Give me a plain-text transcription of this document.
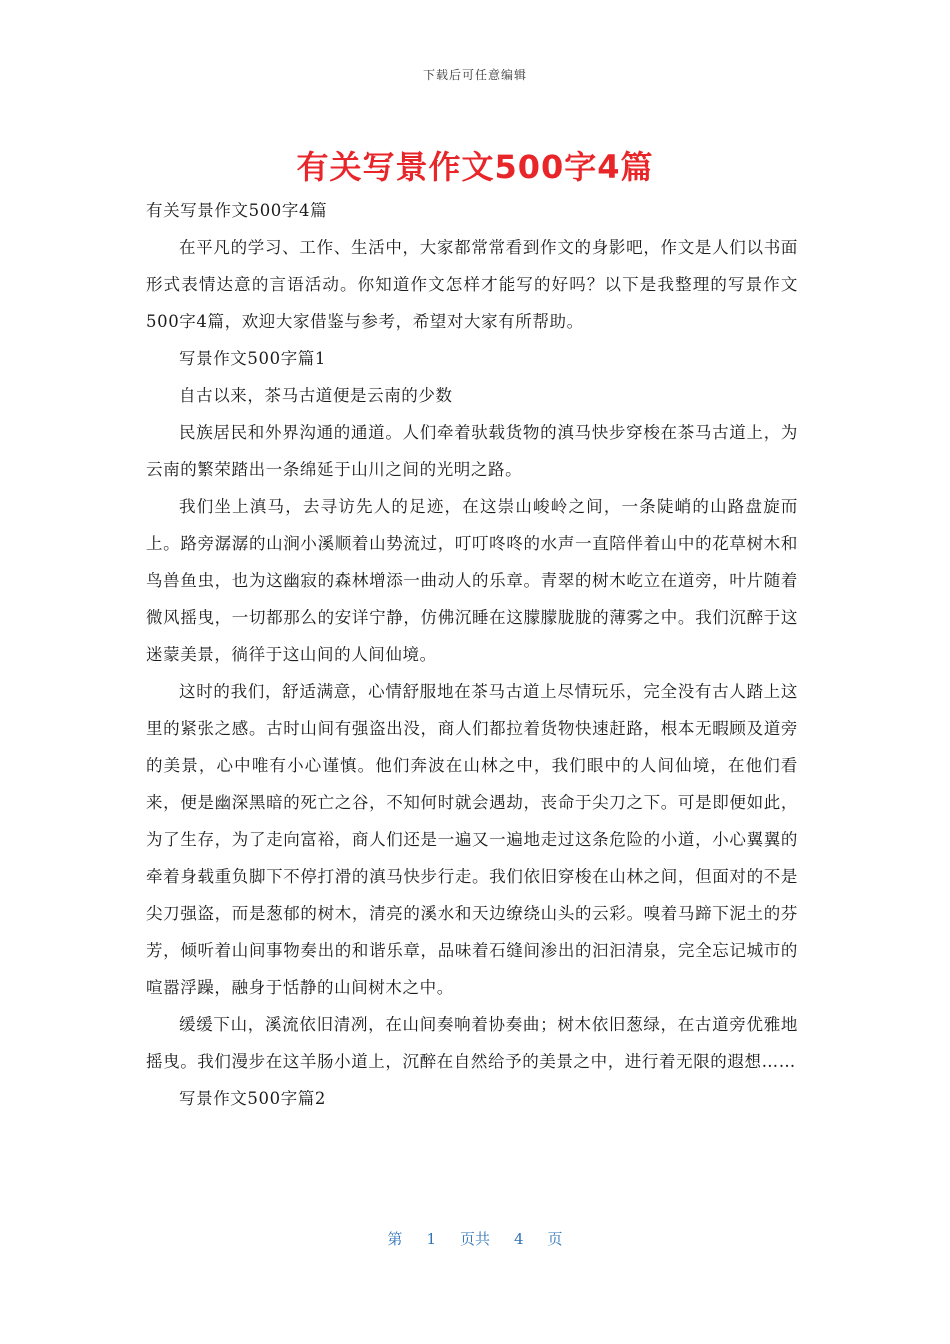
下载后可任意编辑
有关写景作文500字4篇

有关写景作文500字4篇

在平凡的学习、工作、生活中，大家都常常看到作文的身影吧，作文是人们以书面形式表情达意的言语活动。你知道作文怎样才能写的好吗？以下是我整理的写景作文500字4篇，欢迎大家借鉴与参考，希望对大家有所帮助。

写景作文500字篇1

自古以来，茶马古道便是云南的少数

民族居民和外界沟通的通道。人们牵着驮载货物的滇马快步穿梭在茶马古道上，为云南的繁荣踏出一条绵延于山川之间的光明之路。

我们坐上滇马，去寻访先人的足迹，在这崇山峻岭之间，一条陡峭的山路盘旋而上。路旁潺潺的山涧小溪顺着山势流过，叮叮咚咚的水声一直陪伴着山中的花草树木和鸟兽鱼虫，也为这幽寂的森林增添一曲动人的乐章。青翠的树木屹立在道旁，叶片随着微风摇曳，一切都那么的安详宁静，仿佛沉睡在这朦朦胧胧的薄雾之中。我们沉醉于这迷蒙美景，徜徉于这山间的人间仙境。

这时的我们，舒适满意，心情舒服地在茶马古道上尽情玩乐，完全没有古人踏上这里的紧张之感。古时山间有强盗出没，商人们都拉着货物快速赶路，根本无暇顾及道旁的美景，心中唯有小心谨慎。他们奔波在山林之中，我们眼中的人间仙境，在他们看来，便是幽深黑暗的死亡之谷，不知何时就会遇劫，丧命于尖刀之下。可是即便如此，为了生存，为了走向富裕，商人们还是一遍又一遍地走过这条危险的小道，小心翼翼的牵着身载重负脚下不停打滑的滇马快步行走。我们依旧穿梭在山林之间，但面对的不是尖刀强盗，而是葱郁的树木，清亮的溪水和天边缭绕山头的云彩。嗅着马蹄下泥土的芬芳，倾听着山间事物奏出的和谐乐章，品味着石缝间渗出的汩汩清泉，完全忘记城市的喧嚣浮躁，融身于恬静的山间树木之中。

缓缓下山，溪流依旧清冽，在山间奏响着协奏曲；树木依旧葱绿，在古道旁优雅地摇曳。我们漫步在这羊肠小道上，沉醉在自然给予的美景之中，进行着无限的遐想……

写景作文500字篇2

第 1 页共 4 页
